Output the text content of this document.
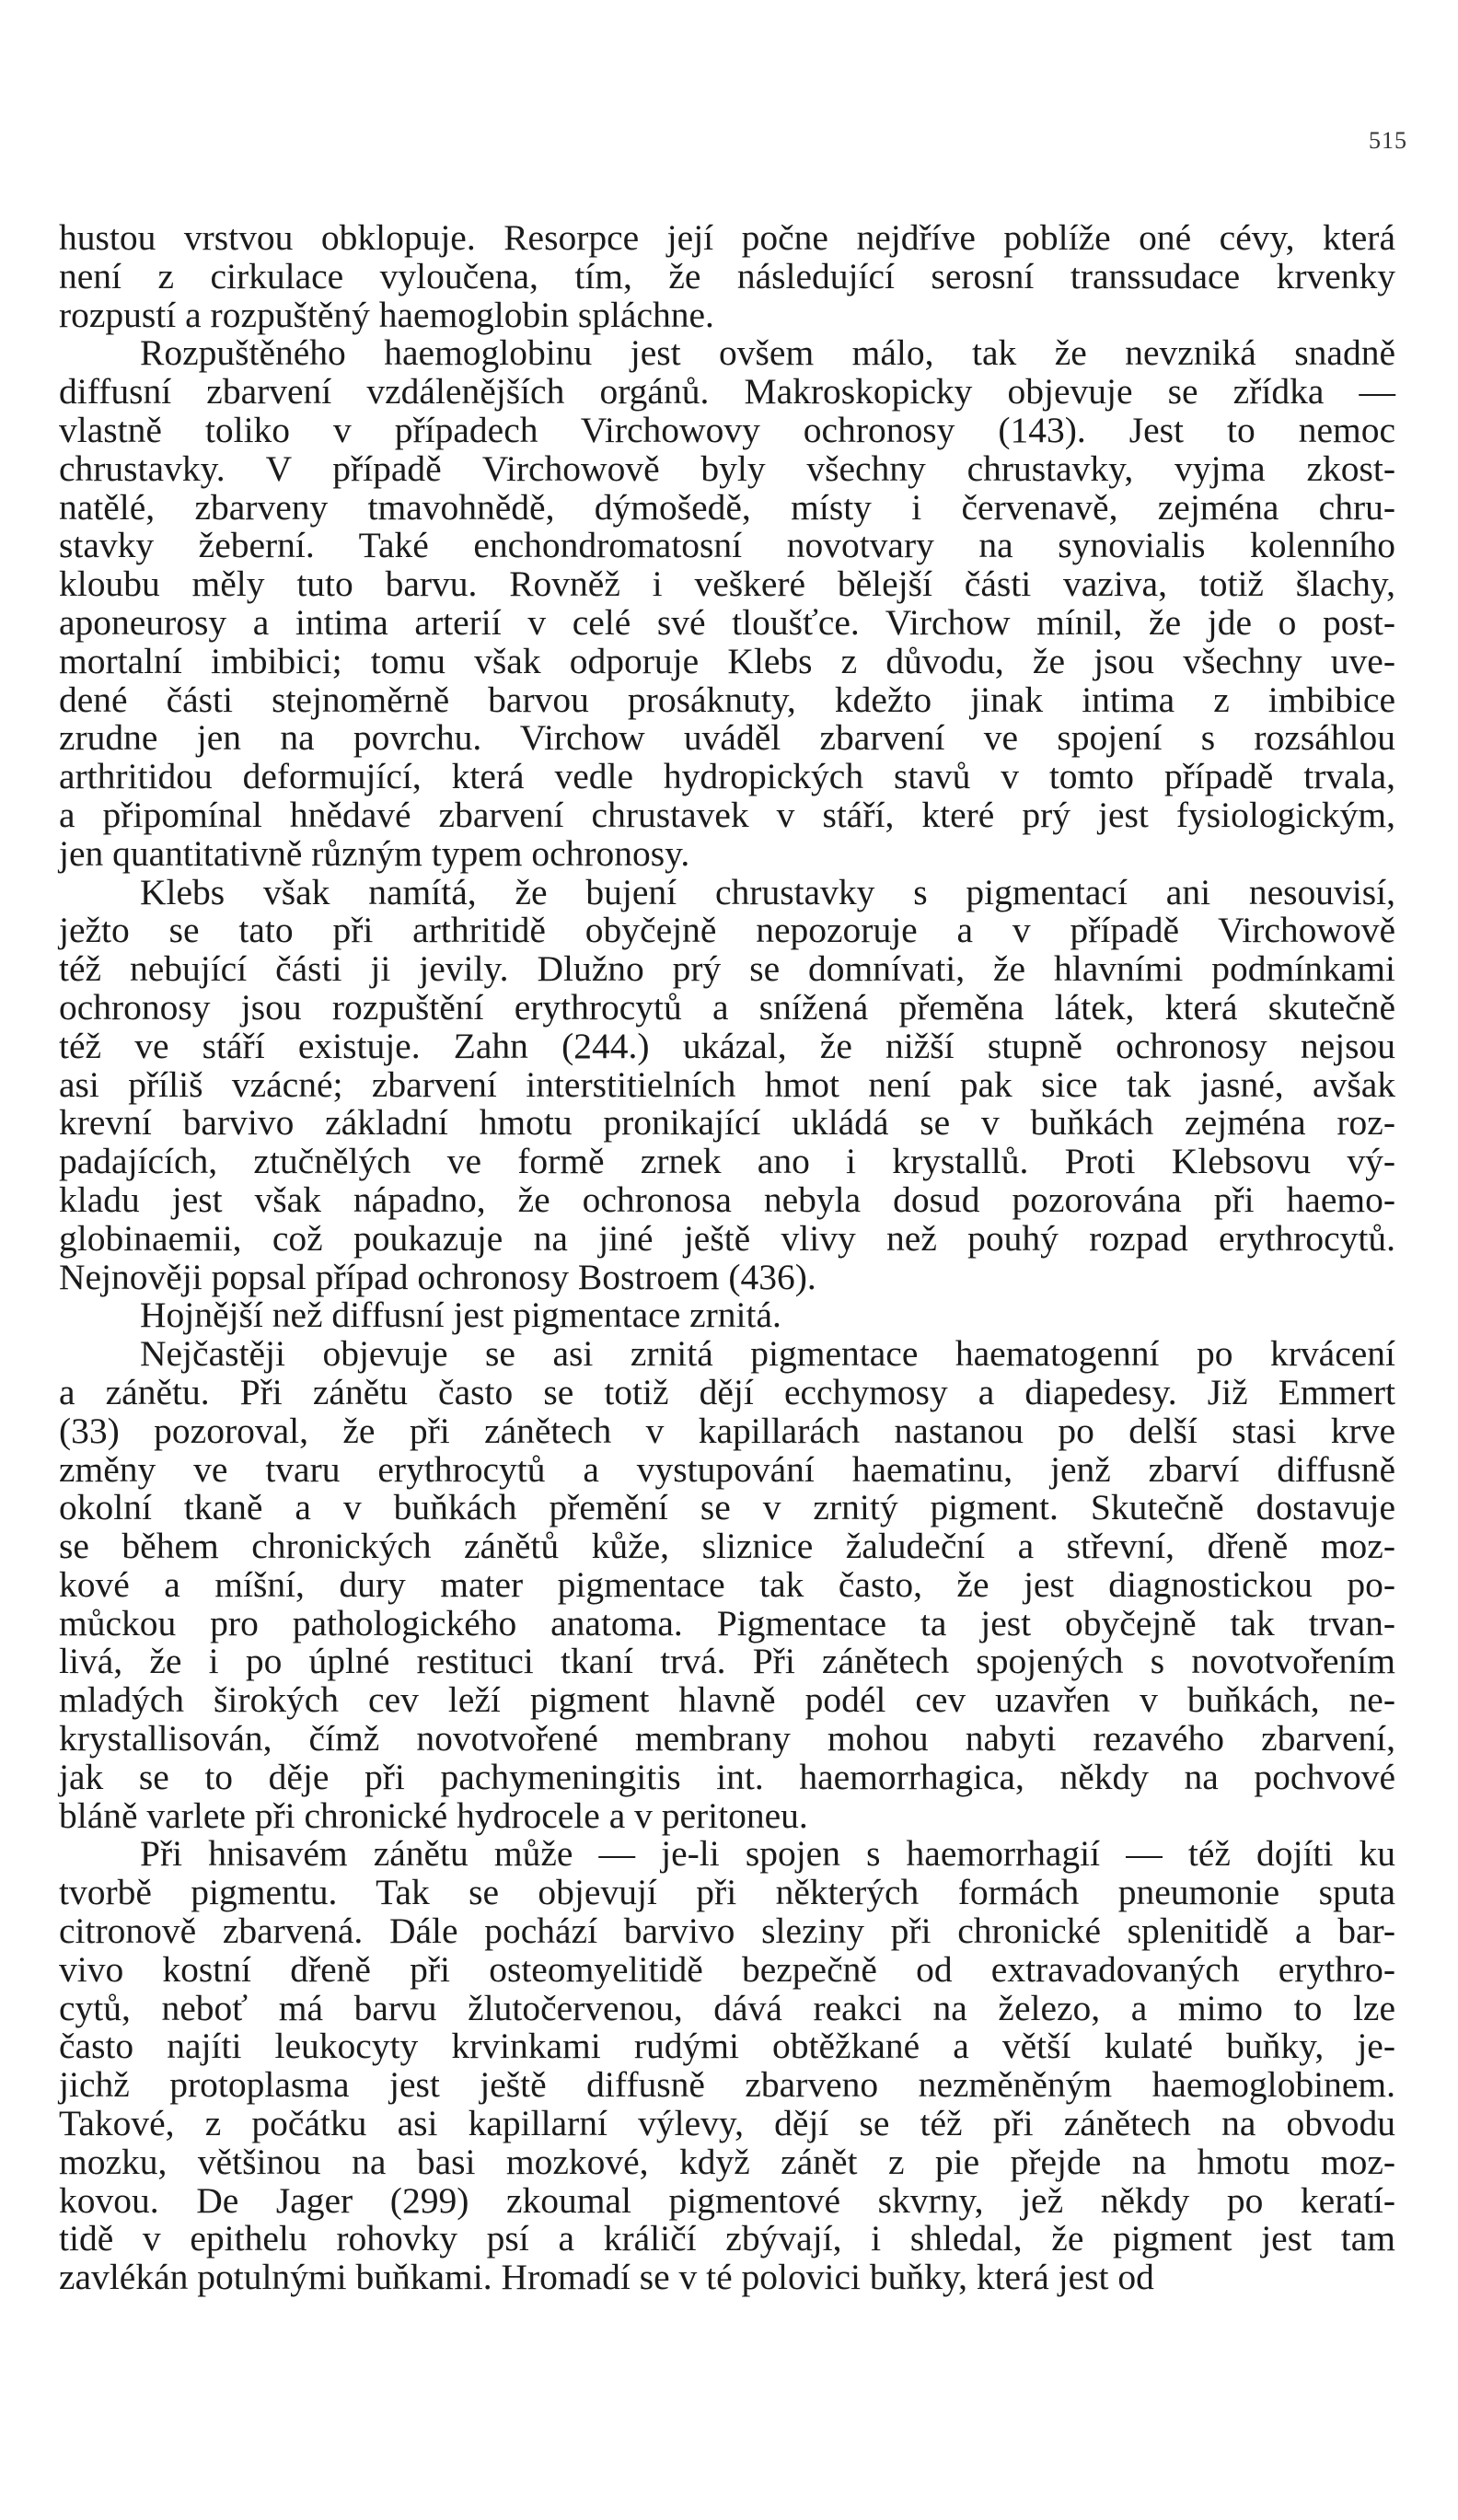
515
hustou vrstvou obklopuje. Resorpce její počne nejdříve poblíže oné cévy, která
není z cirkulace vyloučena, tím, že následující serosní transsudace krvenky
rozpustí a rozpuštěný haemoglobin spláchne.
Rozpuštěného haemoglobinu jest ovšem málo, tak že nevzniká snadně
diffusní zbarvení vzdálenějších orgánů. Makroskopicky objevuje se zřídka —
vlastně toliko v případech Virchowovy ochronosy (143). Jest to nemoc
chrustavky. V případě Virchowově byly všechny chrustavky, vyjma zkost-
natělé, zbarveny tmavohnědě, dýmošedě, místy i červenavě, zejména chru-
stavky žeberní. Také enchondromatosní novotvary na synovialis kolenního
kloubu měly tuto barvu. Rovněž i veškeré bělejší části vaziva, totiž šlachy,
aponeurosy a intima arterií v celé své tloušťce. Virchow mínil, že jde o post-
mortalní imbibici; tomu však odporuje Klebs z důvodu, že jsou všechny uve-
dené části stejnoměrně barvou prosáknuty, kdežto jinak intima z imbibice
zrudne jen na povrchu. Virchow uváděl zbarvení ve spojení s rozsáhlou
arthritidou deformující, která vedle hydropických stavů v tomto případě trvala,
a připomínal hnědavé zbarvení chrustavek v stáří, které prý jest fysiologickým,
jen quantitativně různým typem ochronosy.
Klebs však namítá, že bujení chrustavky s pigmentací ani nesouvisí,
ježto se tato při arthritidě obyčejně nepozoruje a v případě Virchowově
též nebující části ji jevily. Dlužno prý se domnívati, že hlavními podmínkami
ochronosy jsou rozpuštění erythrocytů a snížená přeměna látek, která skutečně
též ve stáří existuje. Zahn (244.) ukázal, že nižší stupně ochronosy nejsou
asi příliš vzácné; zbarvení interstitielních hmot není pak sice tak jasné, avšak
krevní barvivo základní hmotu pronikající ukládá se v buňkách zejména roz-
padajících, ztučnělých ve formě zrnek ano i krystallů. Proti Klebsovu vý-
kladu jest však nápadno, že ochronosa nebyla dosud pozorována při haemo-
globinaemii, což poukazuje na jiné ještě vlivy než pouhý rozpad erythrocytů.
Nejnověji popsal případ ochronosy Bostroem (436).
Hojnější než diffusní jest pigmentace zrnitá.
Nejčastěji objevuje se asi zrnitá pigmentace haematogenní po krvácení
a zánětu. Při zánětu často se totiž dějí ecchymosy a diapedesy. Již Emmert
(33) pozoroval, že při zánětech v kapillarách nastanou po delší stasi krve
změny ve tvaru erythrocytů a vystupování haematinu, jenž zbarví diffusně
okolní tkaně a v buňkách přemění se v zrnitý pigment. Skutečně dostavuje
se během chronických zánětů kůže, sliznice žaludeční a střevní, dřeně moz-
kové a míšní, dury mater pigmentace tak často, že jest diagnostickou po-
můckou pro pathologického anatoma. Pigmentace ta jest obyčejně tak trvan-
livá, že i po úplné restituci tkaní trvá. Při zánětech spojených s novotvořením
mladých širokých cev leží pigment hlavně podél cev uzavřen v buňkách, ne-
krystallisován, čímž novotvořené membrany mohou nabyti rezavého zbarvení,
jak se to děje při pachymeningitis int. haemorrhagica, někdy na pochvové
bláně varlete při chronické hydrocele a v peritoneu.
Při hnisavém zánětu může — je-li spojen s haemorrhagií — též dojíti ku
tvorbě pigmentu. Tak se objevují při některých formách pneumonie sputa
citronově zbarvená. Dále pochází barvivo sleziny při chronické splenitidě a bar-
vivo kostní dřeně při osteomyelitidě bezpečně od extravadovaných erythro-
cytů, neboť má barvu žlutočervenou, dává reakci na železo, a mimo to lze
často najíti leukocyty krvinkami rudými obtěžkané a větší kulaté buňky, je-
jichž protoplasma jest ještě diffusně zbarveno nezměněným haemoglobinem.
Takové, z počátku asi kapillarní výlevy, dějí se též při zánětech na obvodu
mozku, většinou na basi mozkové, když zánět z pie přejde na hmotu moz-
kovou. De Jager (299) zkoumal pigmentové skvrny, jež někdy po keratí-
tidě v epithelu rohovky psí a králičí zbývají, i shledal, že pigment jest tam
zavlékán potulnými buňkami. Hromadí se v té polovici buňky, která jest od
